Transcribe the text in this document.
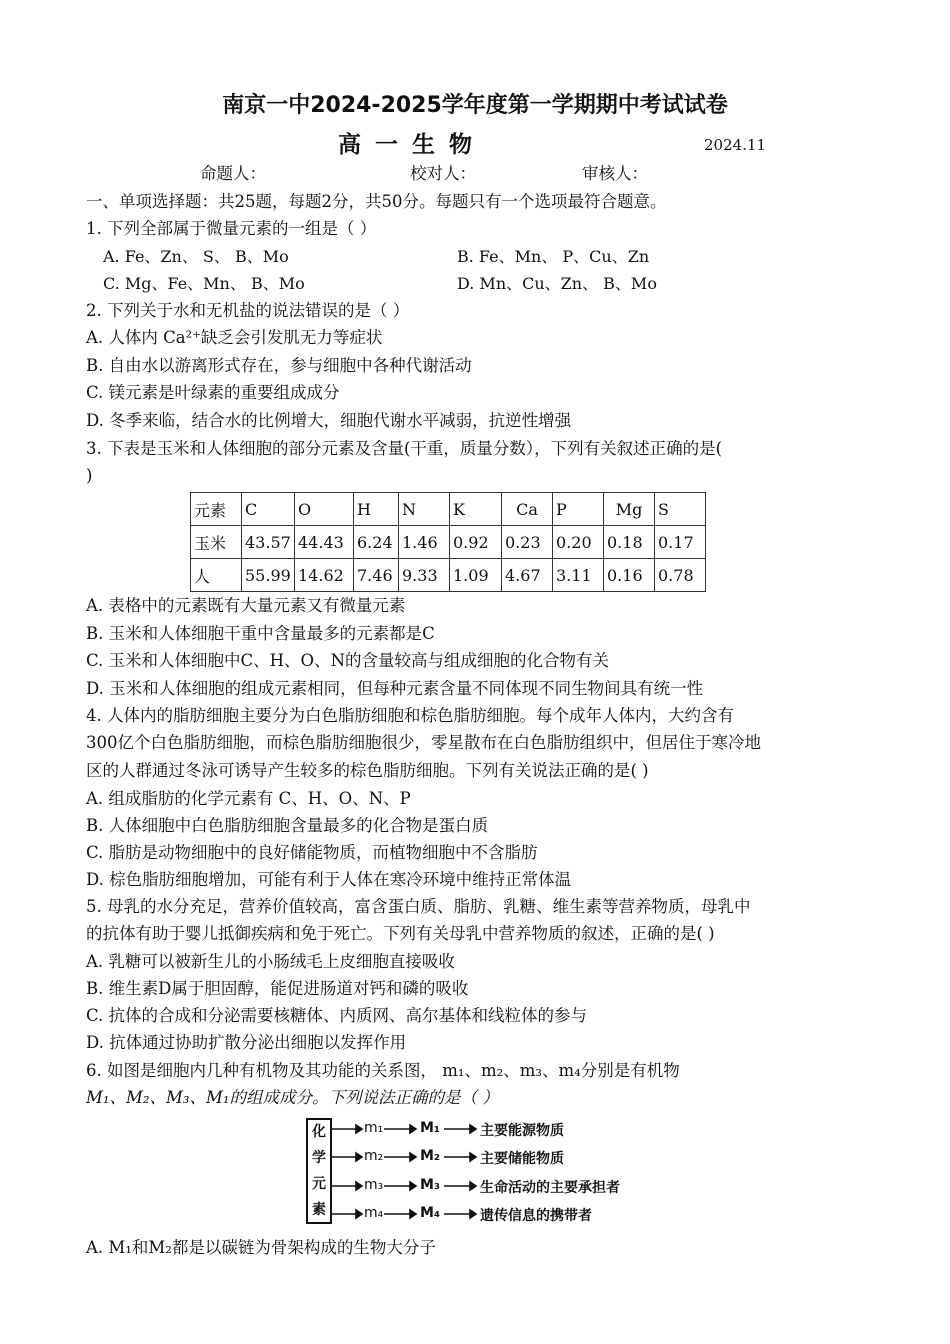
南京一中2024-2025学年度第一学期期中考试试卷
高一生物	2024.11
命题人：	校对人：	审核人：
一、单项选择题：共25题，每题2分，共50分。每题只有一个选项最符合题意。
1. 下列全部属于微量元素的一组是（ ）
A. Fe、Zn、 S、 B、Mo	B. Fe、Mn、 P、Cu、Zn
C. Mg、Fe、Mn、 B、Mo	D. Mn、Cu、Zn、 B、Mo
2. 下列关于水和无机盐的说法错误的是（ ）
A. 人体内 Ca²⁺缺乏会引发肌无力等症状
B. 自由水以游离形式存在，参与细胞中各种代谢活动
C. 镁元素是叶绿素的重要组成成分
D. 冬季来临，结合水的比例增大，细胞代谢水平减弱，抗逆性增强
3. 下表是玉米和人体细胞的部分元素及含量(干重，质量分数），下列有关叙述正确的是(
)
元素	C	O	H	N	K	Ca	P	Mg	S
玉米	43.57	44.43	6.24	1.46	0.92	0.23	0.20	0.18	0.17
人	55.99	14.62	7.46	9.33	1.09	4.67	3.11	0.16	0.78
A. 表格中的元素既有大量元素又有微量元素
B. 玉米和人体细胞干重中含量最多的元素都是C
C. 玉米和人体细胞中C、H、O、N的含量较高与组成细胞的化合物有关
D. 玉米和人体细胞的组成元素相同，但每种元素含量不同体现不同生物间具有统一性
4. 人体内的脂肪细胞主要分为白色脂肪细胞和棕色脂肪细胞。每个成年人体内，大约含有
300亿个白色脂肪细胞，而棕色脂肪细胞很少，零星散布在白色脂肪组织中，但居住于寒冷地
区的人群通过冬泳可诱导产生较多的棕色脂肪细胞。下列有关说法正确的是( )
A. 组成脂肪的化学元素有 C、H、O、N、P
B. 人体细胞中白色脂肪细胞含量最多的化合物是蛋白质
C. 脂肪是动物细胞中的良好储能物质，而植物细胞中不含脂肪
D. 棕色脂肪细胞增加，可能有利于人体在寒冷环境中维持正常体温
5. 母乳的水分充足，营养价值较高，富含蛋白质、脂肪、乳糖、维生素等营养物质，母乳中
的抗体有助于婴儿抵御疾病和免于死亡。下列有关母乳中营养物质的叙述，正确的是( )
A. 乳糖可以被新生儿的小肠绒毛上皮细胞直接吸收
B. 维生素D属于胆固醇，能促进肠道对钙和磷的吸收
C. 抗体的合成和分泌需要核糖体、内质网、高尔基体和线粒体的参与
D. 抗体通过协助扩散分泌出细胞以发挥作用
6. 如图是细胞内几种有机物及其功能的关系图， m₁、m₂、m₃、m₄分别是有机物
M₁、M₂、M₃、M₁的组成成分。下列说法正确的是（ ）
化
学
元
素
m₁
m₂
m₃
m₄
M₁
M₂
M₃
M₄
主要能源物质
主要储能物质
生命活动的主要承担者
遗传信息的携带者
A. M₁和M₂都是以碳链为骨架构成的生物大分子
